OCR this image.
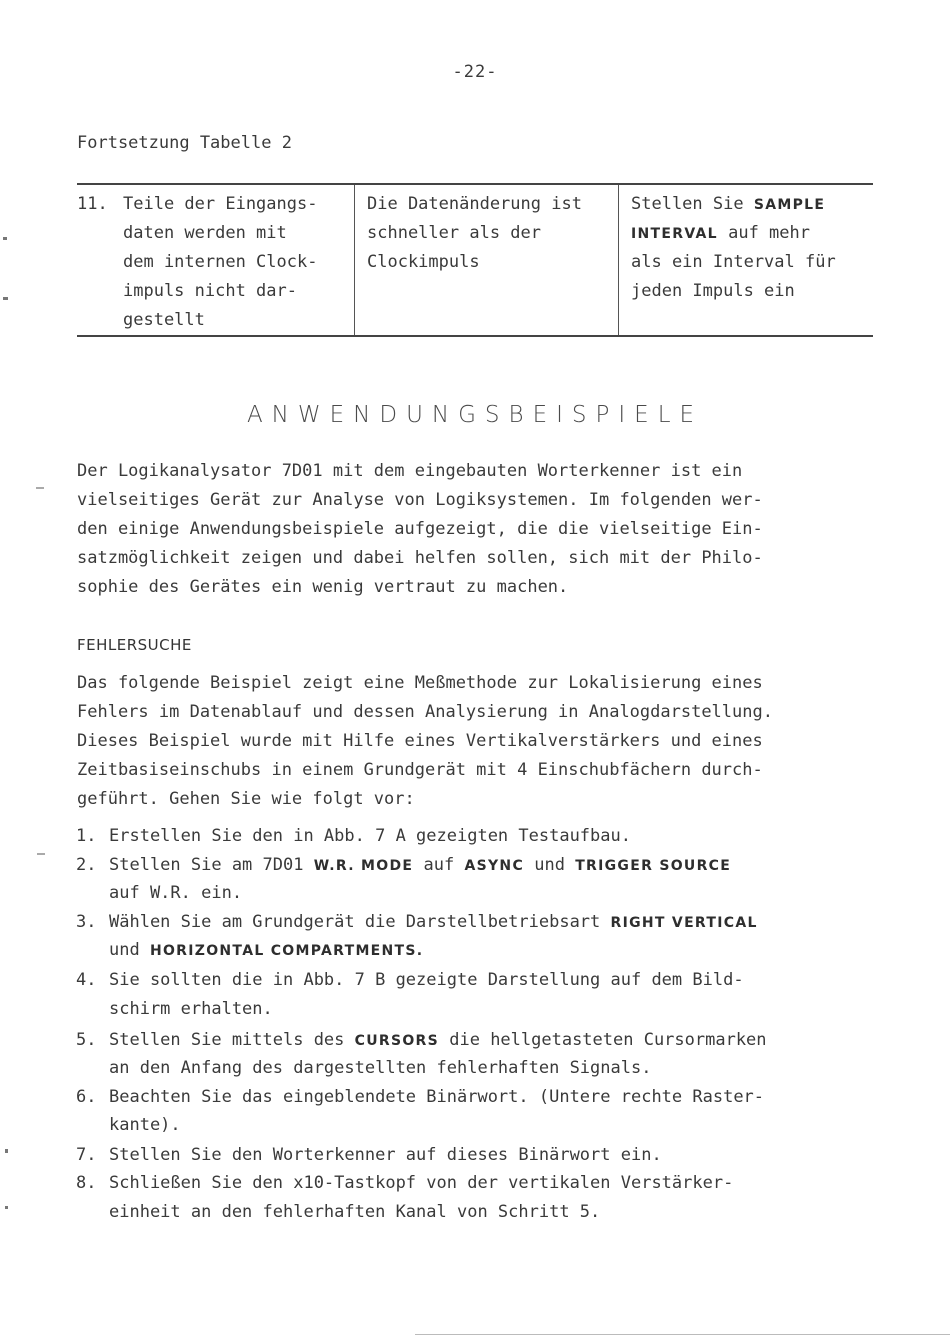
-22-
Fortsetzung Tabelle 2
11. Teile der Eingangs-
daten werden mit
dem internen Clock-
impuls nicht dar-
gestellt
Die Datenänderung ist
schneller als der
Clockimpuls
Stellen Sie SAMPLE
INTERVAL auf mehr
als ein Interval für
jeden Impuls ein
ANWENDUNGSBEISPIELE
Der Logikanalysator 7D01 mit dem eingebauten Worterkenner ist ein
vielseitiges Gerät zur Analyse von Logiksystemen. Im folgenden wer-
den einige Anwendungsbeispiele aufgezeigt, die die vielseitige Ein-
satzmöglichkeit zeigen und dabei helfen sollen, sich mit der Philo-
sophie des Gerätes ein wenig vertraut zu machen.
FEHLERSUCHE
Das folgende Beispiel zeigt eine Meßmethode zur Lokalisierung eines
Fehlers im Datenablauf und dessen Analysierung in Analogdarstellung.
Dieses Beispiel wurde mit Hilfe eines Vertikalverstärkers und eines
Zeitbasiseinschubs in einem Grundgerät mit 4 Einschubfächern durch-
geführt. Gehen Sie wie folgt vor:
1. Erstellen Sie den in Abb. 7 A gezeigten Testaufbau.
2. Stellen Sie am 7D01 W.R. MODE auf ASYNC und TRIGGER SOURCE
auf W.R. ein.
3. Wählen Sie am Grundgerät die Darstellbetriebsart RIGHT VERTICAL
und HORIZONTAL COMPARTMENTS.
4. Sie sollten die in Abb. 7 B gezeigte Darstellung auf dem Bild-
schirm erhalten.
5. Stellen Sie mittels des CURSORS die hellgetasteten Cursormarken
an den Anfang des dargestellten fehlerhaften Signals.
6. Beachten Sie das eingeblendete Binärwort. (Untere rechte Raster-
kante).
7. Stellen Sie den Worterkenner auf dieses Binärwort ein.
8. Schließen Sie den x10-Tastkopf von der vertikalen Verstärker-
einheit an den fehlerhaften Kanal von Schritt 5.
